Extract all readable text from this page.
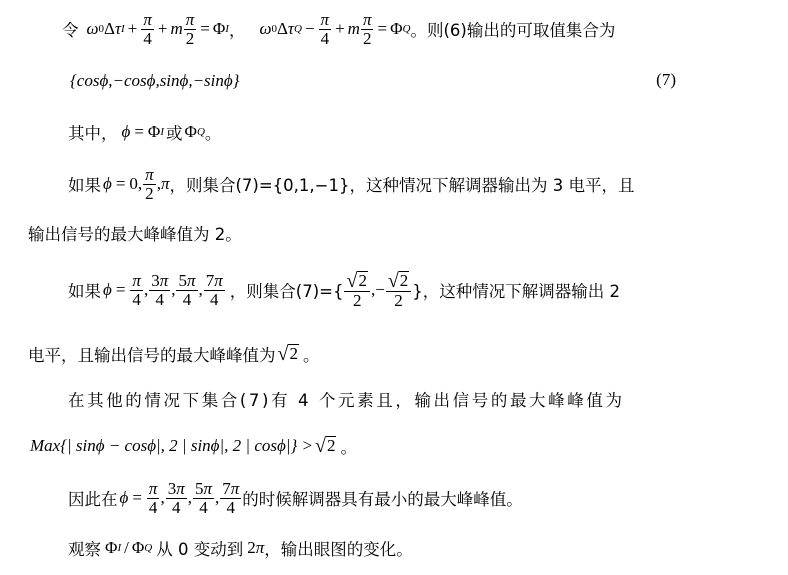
令 ω 0 Δ τ $I + \frac{\pi}{4} + m \frac{\pi}{2} = \Phi$ I ， ω 0 Δ τ $Q - \frac{\pi}{4} + m \frac{\pi}{2} = \Phi$ Q 。则(6)输出的可取值集合为
{cosϕ,−cosϕ,sinϕ,−sinϕ}	(7)
其中， ϕ = Φ I 或 Φ Q 。
如果 ϕ = 0, $\frac{\pi}{2}$ , π ，则集合(7)={0,1,−1}，这种情况下解调器输出为 3 电平，且
输出信号的最大峰峰值为 2。
如果 $\phi = \frac{\pi}{4}$ , $\frac{3\pi}{4}$ , $\frac{5\pi}{4}$ , $\frac{7\pi}{4}$ ，则集合$(7)=\{ \frac{√ 2}{2}$ ,− $\frac{√ 2}{2}$ }，这种情况下解调器输出 2
电平，且输出信号的最大峰峰值为 √ 2 。
在其他的情况下集合(7)有 4 个元素且，输出信号的最大峰峰值为
Max{| sinϕ − cosϕ|, 2 | sinϕ|, 2 | cosϕ|} > √ 2 。
因此在 $\phi = \frac{\pi}{4}$ , $\frac{3\pi}{4}$ , $\frac{5\pi}{4}$ , $\frac{7\pi}{4}$ 的时候解调器具有最小的最大峰峰值。
观察 Φ I / Φ Q 从 0 变动到 2 π ，输出眼图的变化。
